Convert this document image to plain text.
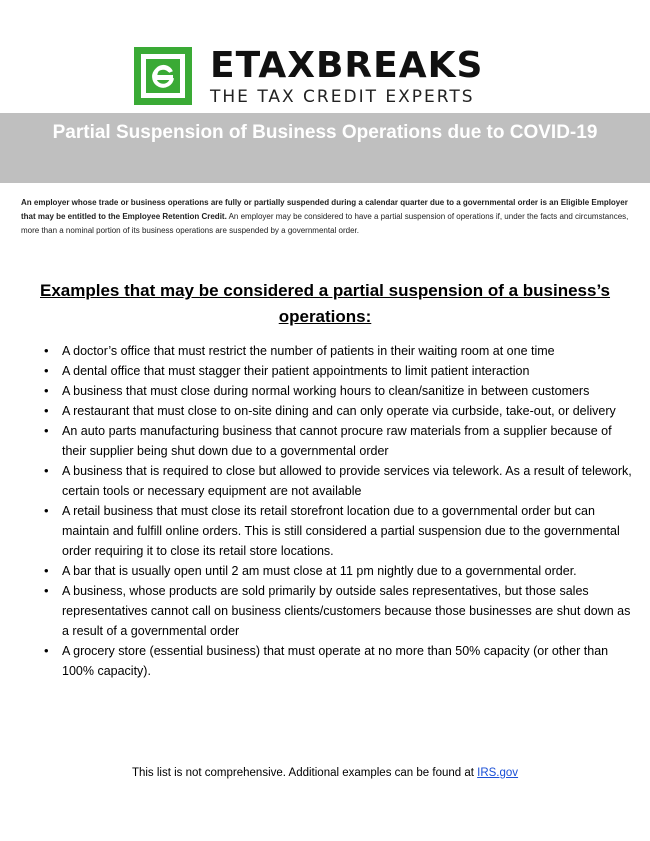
ETAXBREAKS
THE TAX CREDIT EXPERTS
Partial Suspension of Business Operations due to COVID-19

An employer whose trade or business operations are fully or partially suspended during a calendar quarter due to a governmental order is an Eligible Employer that may be entitled to the Employee Retention Credit. An employer may be considered to have a partial suspension of operations if, under the facts and circumstances, more than a nominal portion of its business operations are suspended by a governmental order.

Examples that may be considered a partial suspension of a business’s operations:
• A doctor’s office that must restrict the number of patients in their waiting room at one time
• A dental office that must stagger their patient appointments to limit patient interaction
• A business that must close during normal working hours to clean/sanitize in between customers
• A restaurant that must close to on-site dining and can only operate via curbside, take-out, or delivery
• An auto parts manufacturing business that cannot procure raw materials from a supplier because of their supplier being shut down due to a governmental order
• A business that is required to close but allowed to provide services via telework. As a result of telework, certain tools or necessary equipment are not available
• A retail business that must close its retail storefront location due to a governmental order but can maintain and fulfill online orders. This is still considered a partial suspension due to the governmental order requiring it to close its retail store locations.
• A bar that is usually open until 2 am must close at 11 pm nightly due to a governmental order.
• A business, whose products are sold primarily by outside sales representatives, but those sales representatives cannot call on business clients/customers because those businesses are shut down as a result of a governmental order
• A grocery store (essential business) that must operate at no more than 50% capacity (or other than 100% capacity).

This list is not comprehensive. Additional examples can be found at IRS.gov
